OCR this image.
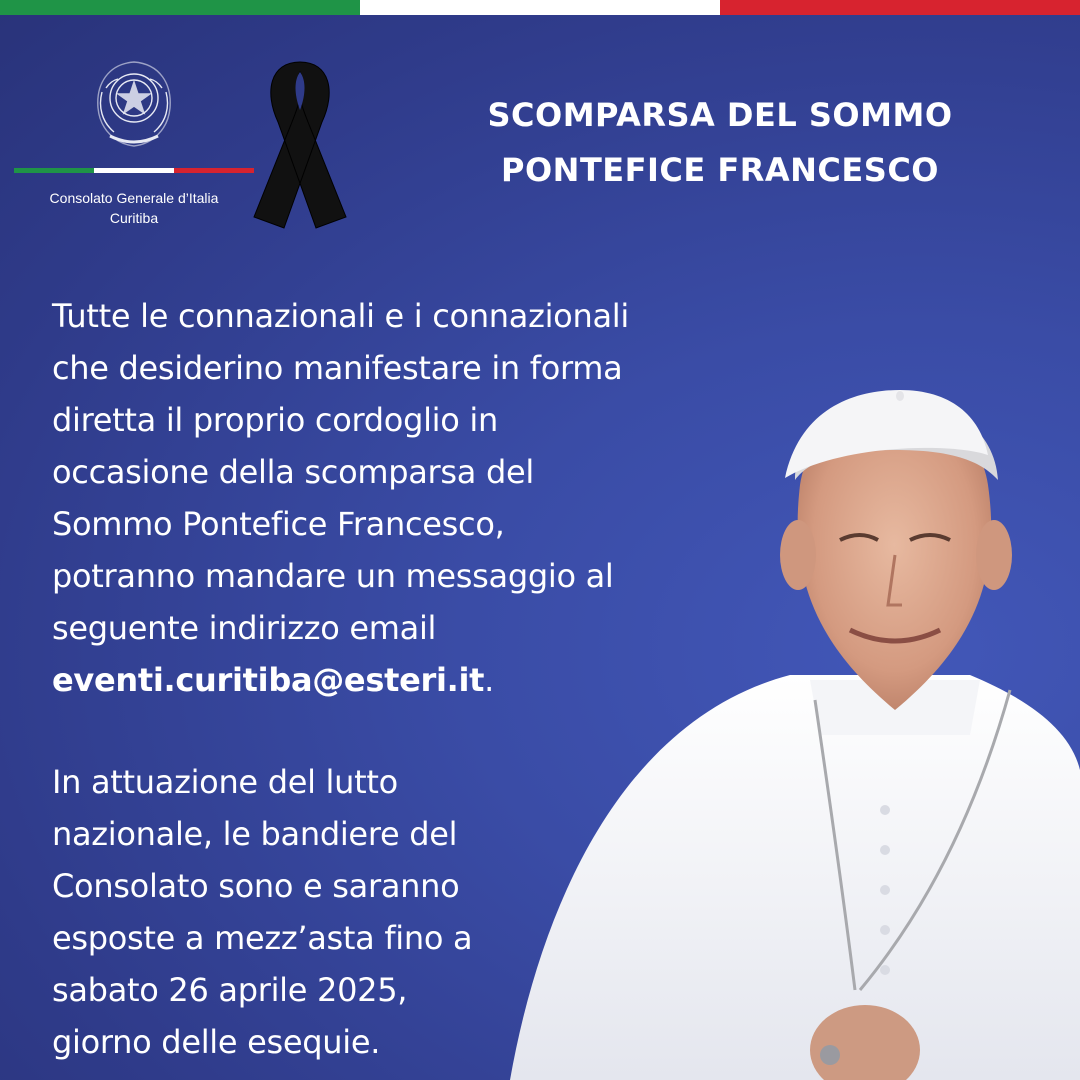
Consolato Generale d’Italia
Curitiba
SCOMPARSA DEL SOMMO
PONTEFICE FRANCESCO
Tutte le connazionali e i connazionali
che desiderino manifestare in forma
diretta il proprio cordoglio in
occasione della scomparsa del
Sommo Pontefice Francesco,
potranno mandare un messaggio al
seguente indirizzo email
eventi.curitiba@esteri.it.
In attuazione del lutto
nazionale, le bandiere del
Consolato sono e saranno
esposte a mezz’asta fino a
sabato 26 aprile 2025,
giorno delle esequie.
